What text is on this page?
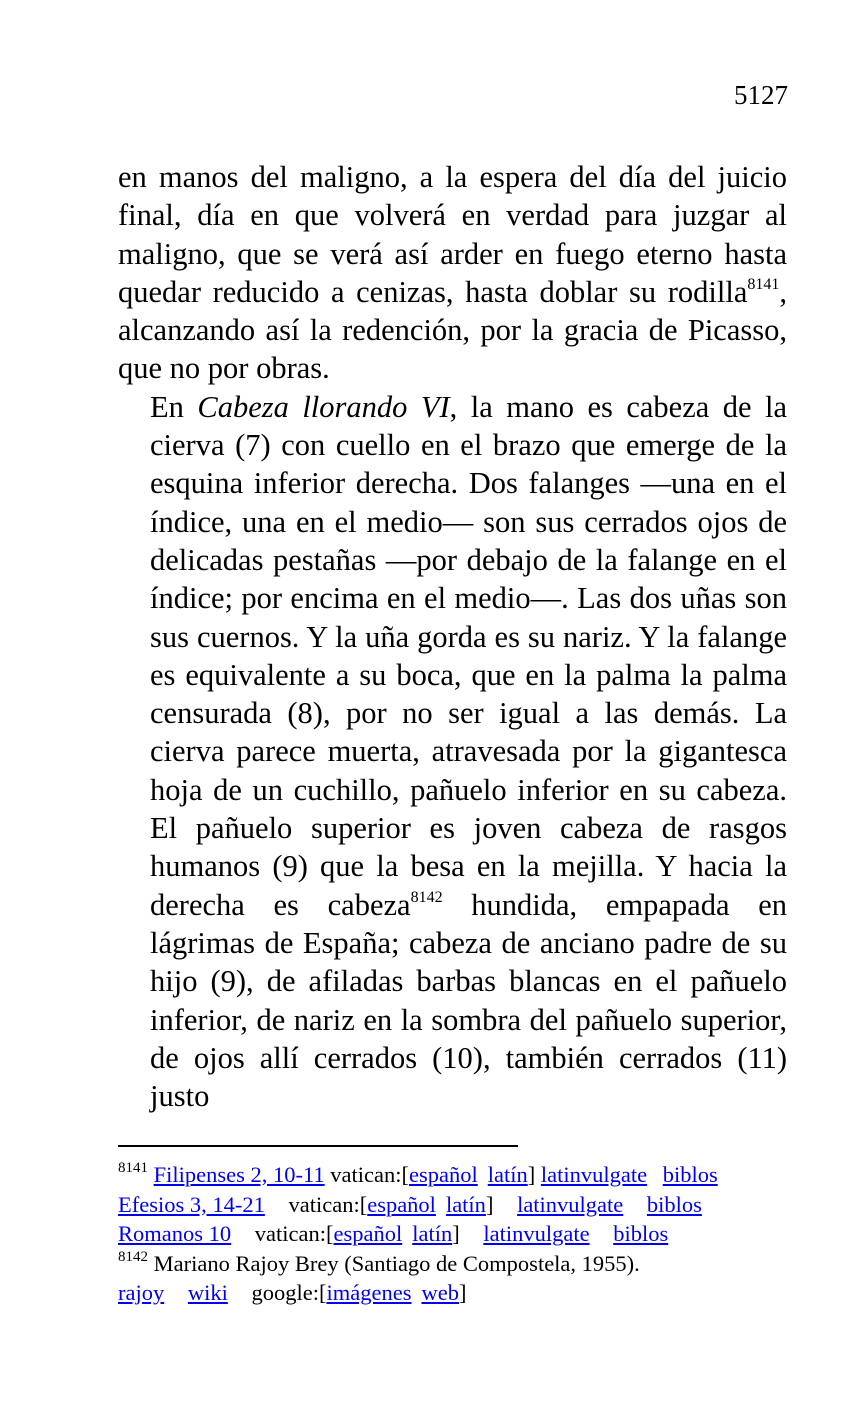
5127

en manos del maligno, a la espera del día del juicio final, día en que volverá en verdad para juzgar al maligno, que se verá así arder en fuego eterno hasta quedar reducido a cenizas, hasta doblar su rodilla$^{8141}$, alcanzando así la redención, por la gracia de Picasso, que no por obras.

En Cabeza llorando VI, la mano es cabeza de la cierva (7) con cuello en el brazo que emerge de la esquina inferior derecha. Dos falanges —una en el índice, una en el medio— son sus cerrados ojos de delicadas pestañas —por debajo de la falange en el índice; por encima en el medio—. Las dos uñas son sus cuernos. Y la uña gorda es su nariz. Y la falange es equivalente a su boca, que en la palma la palma censurada (8), por no ser igual a las demás. La cierva parece muerta, atravesada por la gigantesca hoja de un cuchillo, pañuelo inferior en su cabeza. El pañuelo superior es joven cabeza de rasgos humanos (9) que la besa en la mejilla. Y hacia la derecha es cabeza$^{8142}$ hundida, empapada en lágrimas de España; cabeza de anciano padre de su hijo (9), de afiladas barbas blancas en el pañuelo inferior, de nariz en la sombra del pañuelo superior, de ojos allí cerrados (10), también cerrados (11) justo

$^{8141}$ Filipenses 2, 10-11 vatican:[español latín] latinvulgate biblos
Efesios 3, 14-21 vatican:[español latín] latinvulgate biblos
Romanos 10 vatican:[español latín] latinvulgate biblos
$^{8142}$ Mariano Rajoy Brey (Santiago de Compostela, 1955).
rajoy wiki google:[imágenes web]
